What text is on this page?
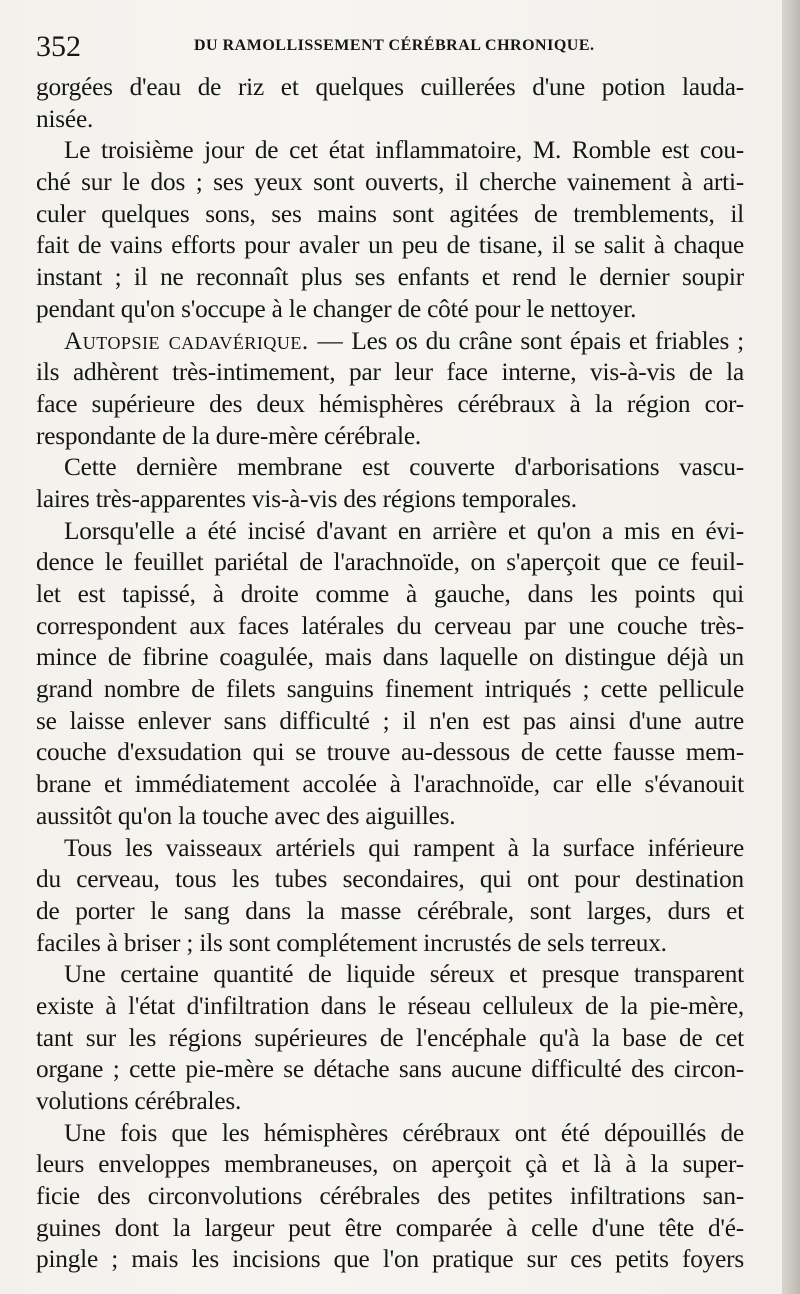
352	DU RAMOLLISSEMENT CÉRÉBRAL CHRONIQUE.
gorgées d'eau de riz et quelques cuillerées d'une potion lauda-
nisée.
Le troisième jour de cet état inflammatoire, M. Romble est cou-
ché sur le dos ; ses yeux sont ouverts, il cherche vainement à arti-
culer quelques sons, ses mains sont agitées de tremblements, il
fait de vains efforts pour avaler un peu de tisane, il se salit à chaque
instant ; il ne reconnaît plus ses enfants et rend le dernier soupir
pendant qu'on s'occupe à le changer de côté pour le nettoyer.
Autopsie cadavérique. — Les os du crâne sont épais et friables ;
ils adhèrent très-intimement, par leur face interne, vis-à-vis de la
face supérieure des deux hémisphères cérébraux à la région cor-
respondante de la dure-mère cérébrale.
Cette dernière membrane est couverte d'arborisations vascu-
laires très-apparentes vis-à-vis des régions temporales.
Lorsqu'elle a été incisé d'avant en arrière et qu'on a mis en évi-
dence le feuillet pariétal de l'arachnoïde, on s'aperçoit que ce feuil-
let est tapissé, à droite comme à gauche, dans les points qui
correspondent aux faces latérales du cerveau par une couche très-
mince de fibrine coagulée, mais dans laquelle on distingue déjà un
grand nombre de filets sanguins finement intriqués ; cette pellicule
se laisse enlever sans difficulté ; il n'en est pas ainsi d'une autre
couche d'exsudation qui se trouve au-dessous de cette fausse mem-
brane et immédiatement accolée à l'arachnoïde, car elle s'évanouit
aussitôt qu'on la touche avec des aiguilles.
Tous les vaisseaux artériels qui rampent à la surface inférieure
du cerveau, tous les tubes secondaires, qui ont pour destination
de porter le sang dans la masse cérébrale, sont larges, durs et
faciles à briser ; ils sont complétement incrustés de sels terreux.
Une certaine quantité de liquide séreux et presque transparent
existe à l'état d'infiltration dans le réseau celluleux de la pie-mère,
tant sur les régions supérieures de l'encéphale qu'à la base de cet
organe ; cette pie-mère se détache sans aucune difficulté des circon-
volutions cérébrales.
Une fois que les hémisphères cérébraux ont été dépouillés de
leurs enveloppes membraneuses, on aperçoit çà et là à la super-
ficie des circonvolutions cérébrales des petites infiltrations san-
guines dont la largeur peut être comparée à celle d'une tête d'é-
pingle ; mais les incisions que l'on pratique sur ces petits foyers
